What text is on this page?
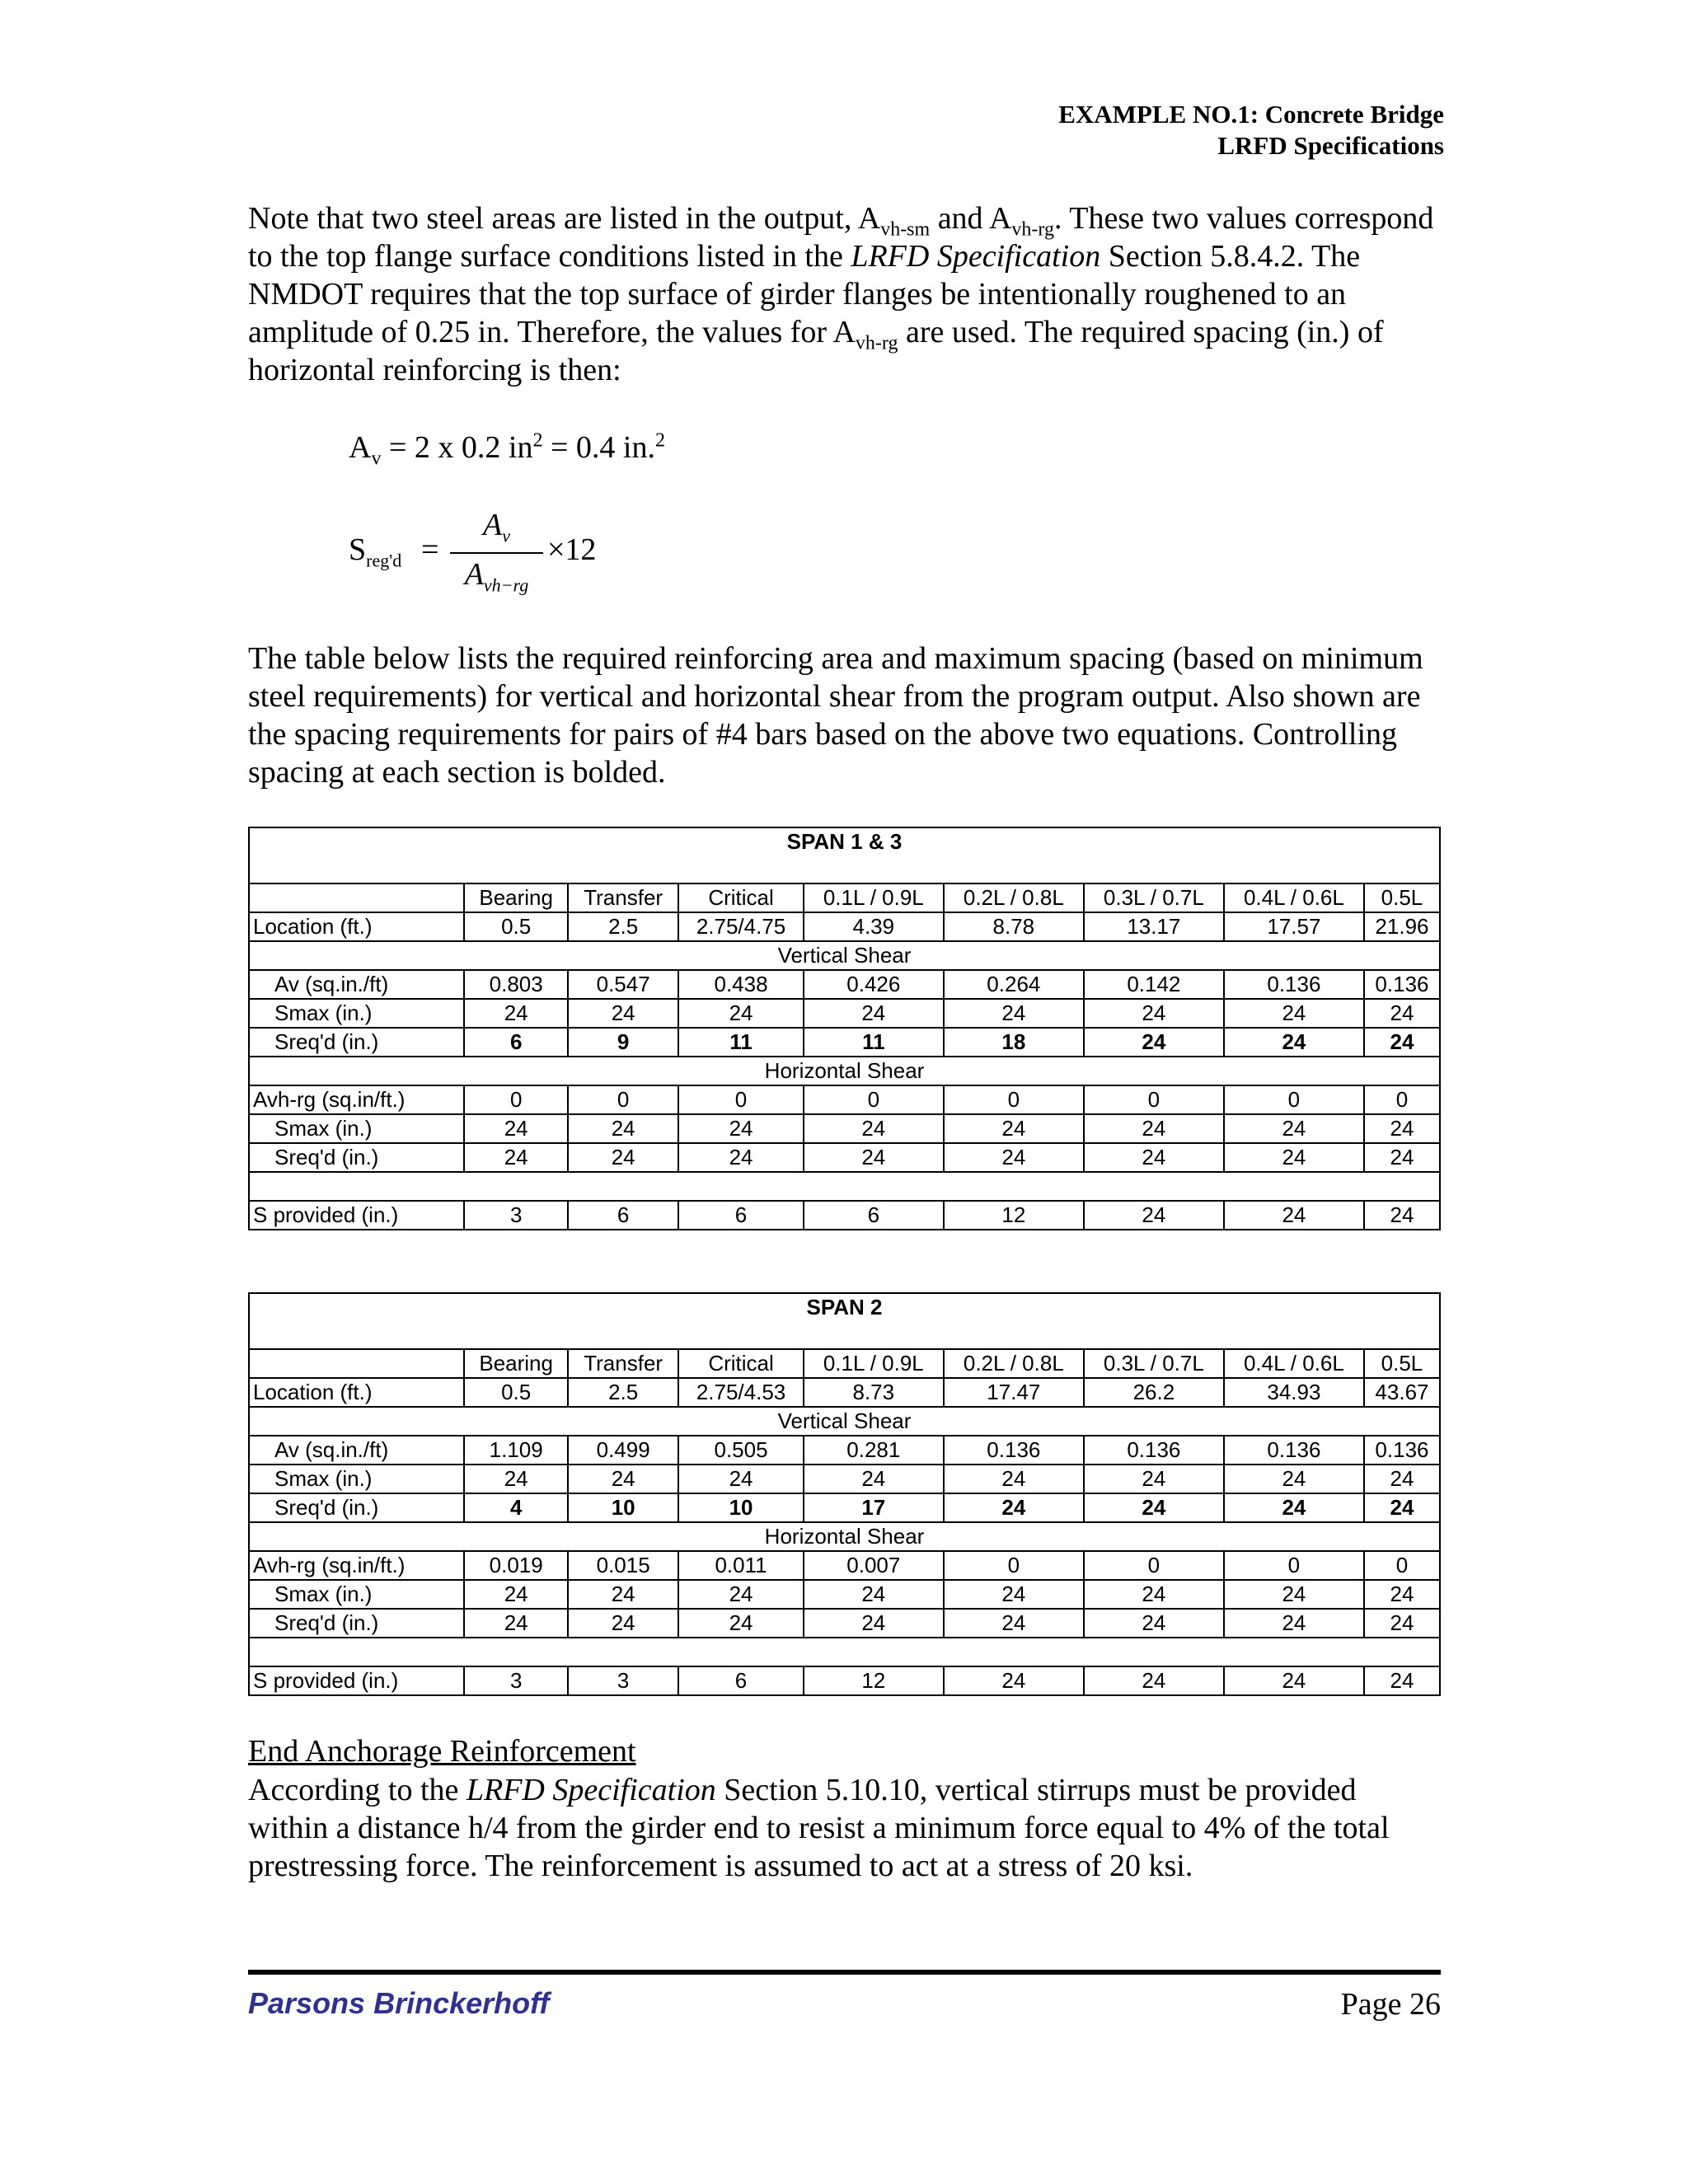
EXAMPLE NO.1: Concrete Bridge
LRFD Specifications
Note that two steel areas are listed in the output, $A_{vh-sm}$ and $A_{vh-rg}$. These two values correspond to the top flange surface conditions listed in the LRFD Specification Section 5.8.4.2. The NMDOT requires that the top surface of girder flanges be intentionally roughened to an amplitude of 0.25 in. Therefore, the values for $A_{vh-rg}$ are used. The required spacing (in.) of horizontal reinforcing is then:
$A_v = 2$ x 0.2 $in^2 = 0.4$ in.$^2$
$S_{reg'd}$ =
$A_v$
$A_{vh-rg}$
×12
The table below lists the required reinforcing area and maximum spacing (based on minimum steel requirements) for vertical and horizontal shear from the program output. Also shown are the spacing requirements for pairs of #4 bars based on the above two equations. Controlling spacing at each section is bolded.
SPAN 1 & 3								

	Bearing	Transfer	Critical	0.1L / 0.9L	0.2L / 0.8L	0.3L / 0.7L	0.4L / 0.6L	0.5L
Location (ft.)	0.5	2.5	2.75/4.75	4.39	8.78	13.17	17.57	21.96
Vertical Shear								
Av (sq.in./ft)	0.803	0.547	0.438	0.426	0.264	0.142	0.136	0.136
Smax (in.)	24	24	24	24	24	24	24	24
Sreq'd (in.)	6	9	11	11	18	24	24	24
Horizontal Shear								
Avh-rg (sq.in/ft.)	0	0	0	0	0	0	0	0
Smax (in.)	24	24	24	24	24	24	24	24
Sreq'd (in.)	24	24	24	24	24	24	24	24

S provided (in.)	3	6	6	6	12	24	24	24
SPAN 2								

	Bearing	Transfer	Critical	0.1L / 0.9L	0.2L / 0.8L	0.3L / 0.7L	0.4L / 0.6L	0.5L
Location (ft.)	0.5	2.5	2.75/4.53	8.73	17.47	26.2	34.93	43.67
Vertical Shear								
Av (sq.in./ft)	1.109	0.499	0.505	0.281	0.136	0.136	0.136	0.136
Smax (in.)	24	24	24	24	24	24	24	24
Sreq'd (in.)	4	10	10	17	24	24	24	24
Horizontal Shear								
Avh-rg (sq.in/ft.)	0.019	0.015	0.011	0.007	0	0	0	0
Smax (in.)	24	24	24	24	24	24	24	24
Sreq'd (in.)	24	24	24	24	24	24	24	24

S provided (in.)	3	3	6	12	24	24	24	24
End Anchorage Reinforcement
According to the LRFD Specification Section 5.10.10, vertical stirrups must be provided within a distance h/4 from the girder end to resist a minimum force equal to 4% of the total prestressing force. The reinforcement is assumed to act at a stress of 20 ksi.
Parsons Brinckerhoff	Page 26
